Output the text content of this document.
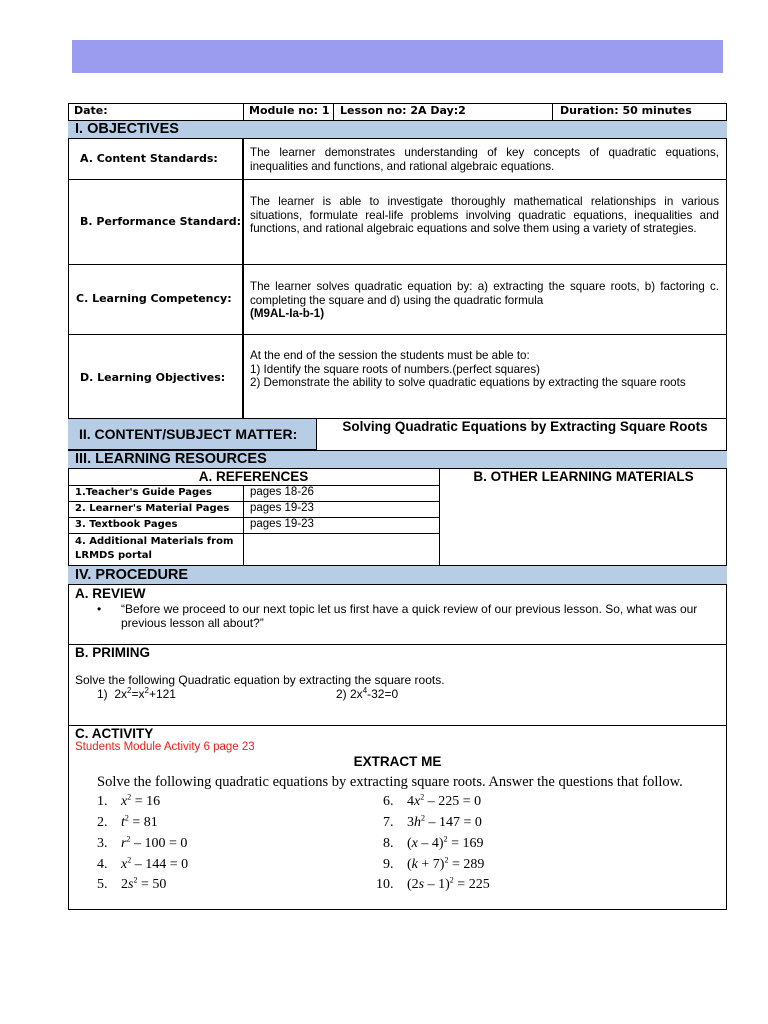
Date:	Module no: 1 Lesson no: 2A Day:2	Duration: 50 minutes
I. OBJECTIVES
A. Content Standards:	The learner demonstrates understanding of key concepts of quadratic equations, inequalities and functions, and rational algebraic equations.
B. Performance Standard:
The learner is able to investigate thoroughly mathematical relationships in various situations, formulate real-life problems involving quadratic equations, inequalities and functions, and rational algebraic equations and solve them using a variety of strategies.
C. Learning Competency:
The learner solves quadratic equation by: a) extracting the square roots, b) factoring c. completing the square and d) using the quadratic formula
(M9AL-Ia-b-1)
D. Learning Objectives:
At the end of the session the students must be able to:
1) Identify the square roots of numbers.(perfect squares)
2) Demonstrate the ability to solve quadratic equations by extracting the square roots
II. CONTENT/SUBJECT MATTER:	Solving Quadratic Equations by Extracting Square Roots
III. LEARNING RESOURCES
A. REFERENCES	B. OTHER LEARNING MATERIALS
1.Teacher's Guide Pages	pages 18-26
2. Learner's Material Pages pages 19-23
3. Textbook Pages	pages 19-23
4. Additional Materials from LRMDS portal
IV. PROCEDURE
A. REVIEW
• “Before we proceed to our next topic let us first have a quick review of our previous lesson. So, what was our previous lesson all about?”
B. PRIMING
Solve the following Quadratic equation by extracting the square roots.
1)  $2x^2=x^2+121$	2) $2x^4-32=0$
C. ACTIVITY
Students Module Activity 6 page 23
EXTRACT ME
Solve the following quadratic equations by extracting square roots. Answer the questions that follow.
1. $x^2 = 16$
2. $t^2 = 81$
3. $r^2 - 100 = 0$
4. $x^2 - 144 = 0$
5. $2s^2 = 50$
6. $4x^2 - 225 = 0$
7. $3h^2 - 147 = 0$
8. (x – 4)$^2$ = 169
9. $(k + 7)^2 = 289$
10. (2s – 1)$^2$ = 225
